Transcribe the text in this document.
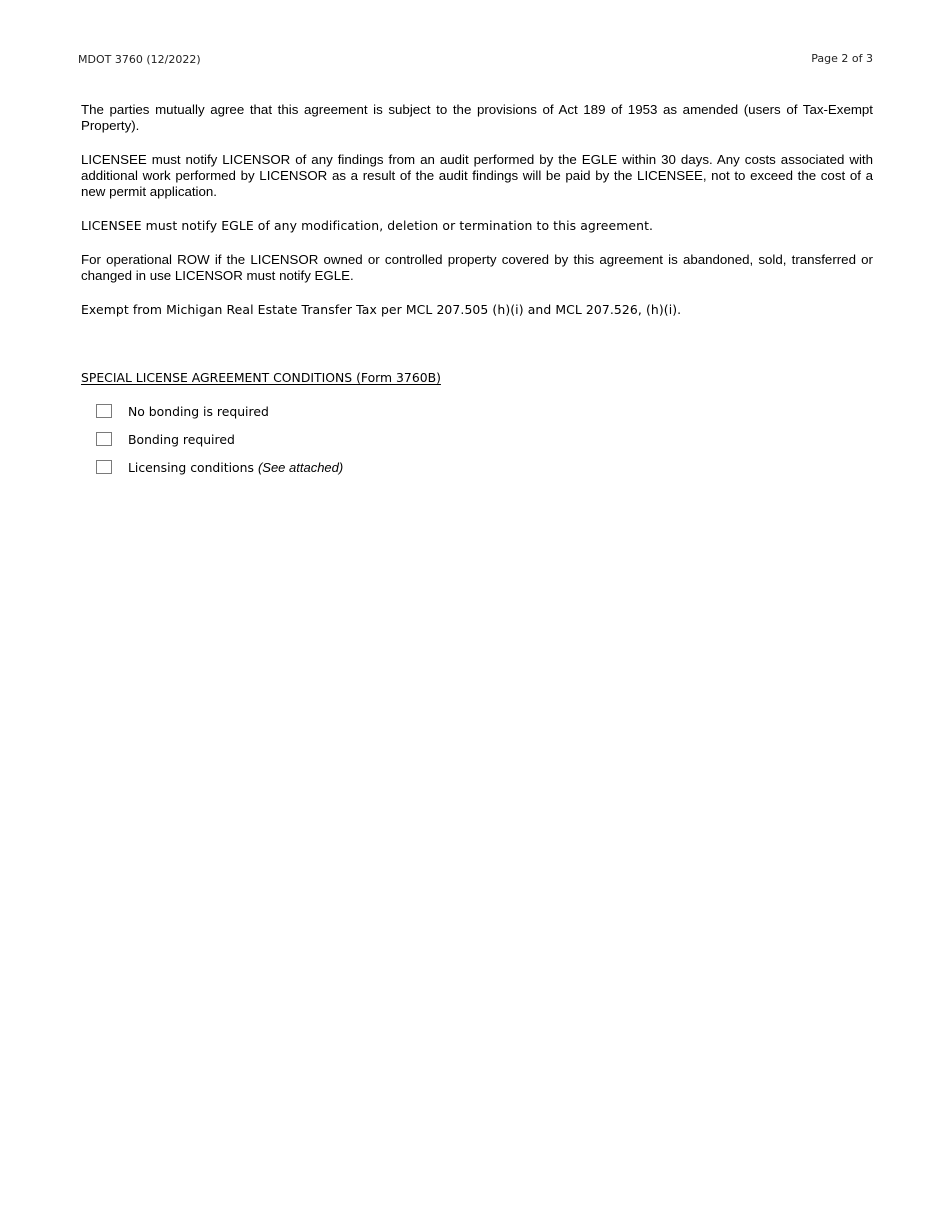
MDOT 3760 (12/2022)	Page 2 of 3

The parties mutually agree that this agreement is subject to the provisions of Act 189 of 1953 as amended (users of Tax-Exempt Property).

LICENSEE must notify LICENSOR of any findings from an audit performed by the EGLE within 30 days. Any costs associated with additional work performed by LICENSOR as a result of the audit findings will be paid by the LICENSEE, not to exceed the cost of a new permit application.

LICENSEE must notify EGLE of any modification, deletion or termination to this agreement.

For operational ROW if the LICENSOR owned or controlled property covered by this agreement is abandoned, sold, transferred or changed in use LICENSOR must notify EGLE.

Exempt from Michigan Real Estate Transfer Tax per MCL 207.505 (h)(i) and MCL 207.526, (h)(i).

SPECIAL LICENSE AGREEMENT CONDITIONS (Form 3760B)
No bonding is required
Bonding required
Licensing conditions (See attached)
